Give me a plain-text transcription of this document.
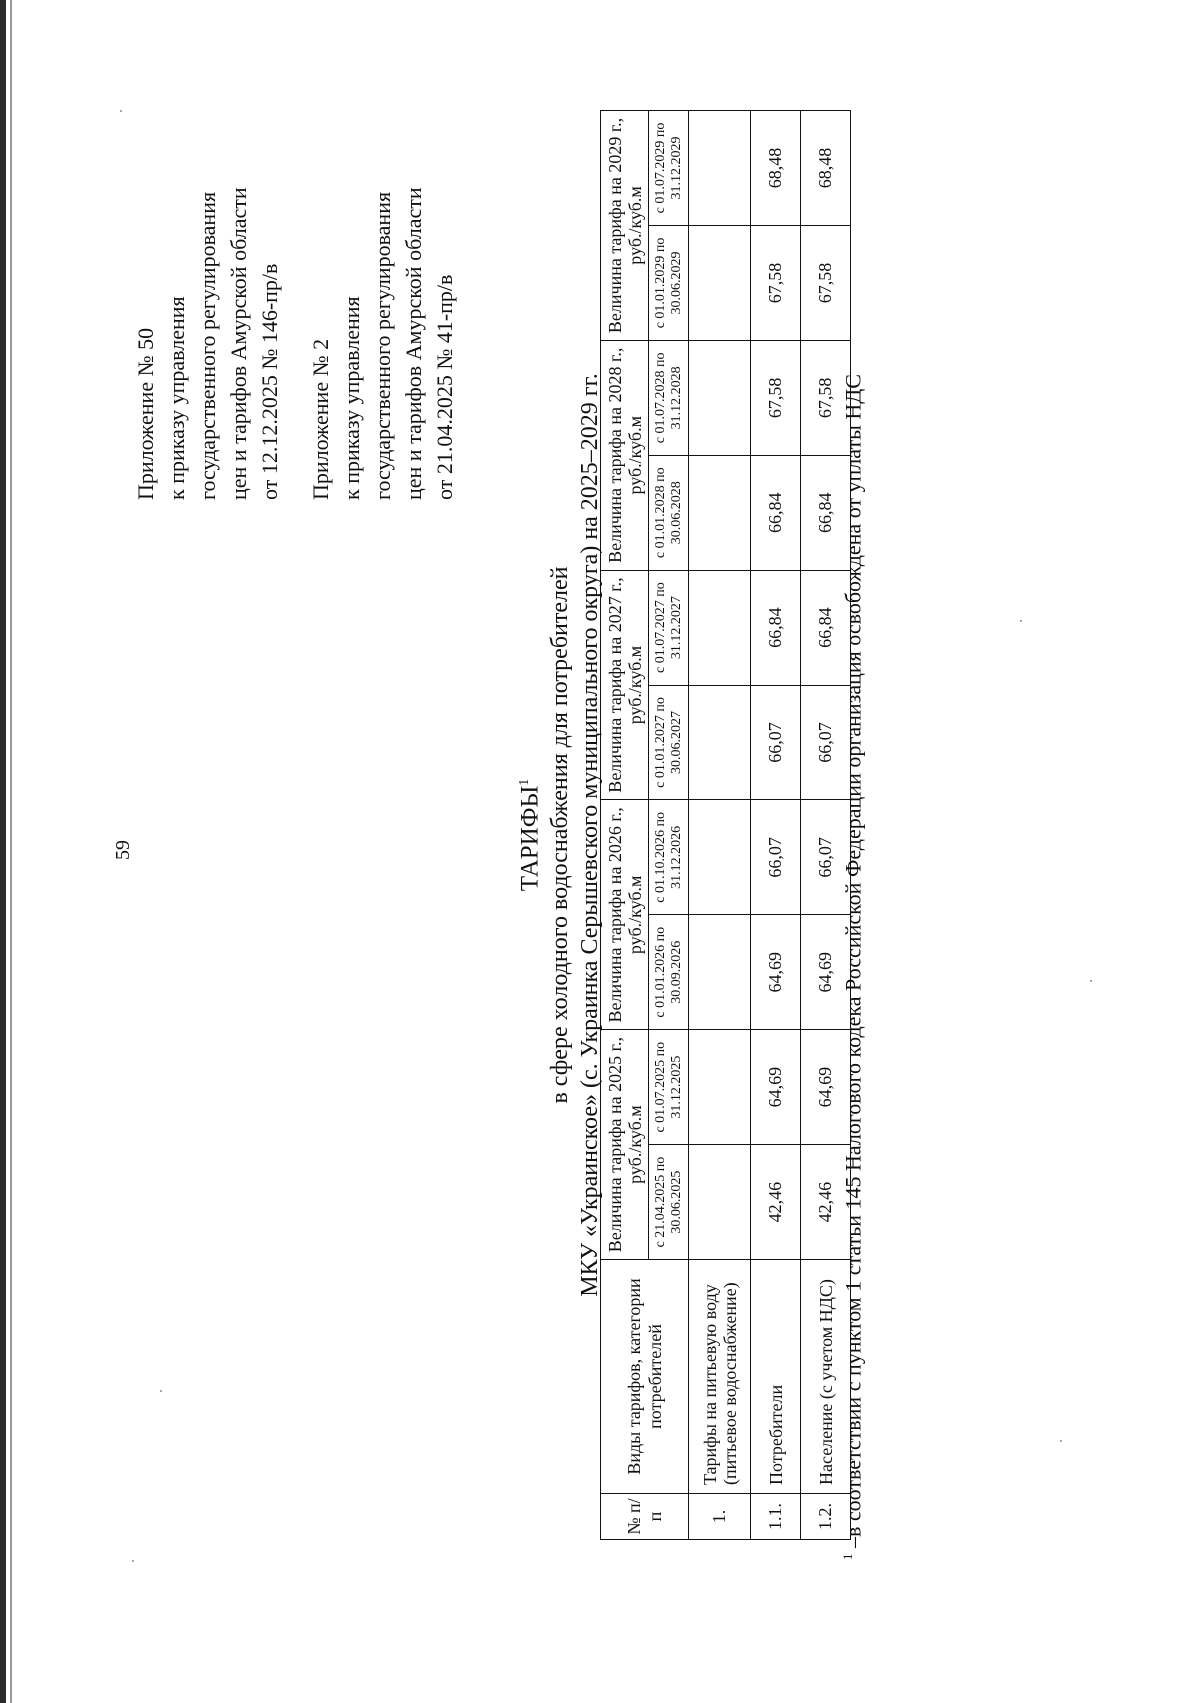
59
Приложение № 50 к приказу управления государственного регулирования цен и тарифов Амурской области от 12.12.2025 № 146-пр/в Приложение № 2 к приказу управления государственного регулирования цен и тарифов Амурской области от 21.04.2025 № 41-пр/в
ТАРИФЫ$^1$ в сфере холодного водоснабжения для потребителей МКУ «Украинское» (с. Украинка Серышевского муниципального округа) на 2025–2029 гг.
№ п/п	Виды тарифов, категории потребителей	Величина тарифа на 2025 г., руб./куб.м		Величина тарифа на 2026 г., руб./куб.м		Величина тарифа на 2027 г., руб./куб.м		Величина тарифа на 2028 г., руб./куб.м		Величина тарифа на 2029 г., руб./куб.м	
		с 21.04.2025 по 30.06.2025	с 01.07.2025 по 31.12.2025	с 01.01.2026 по 30.09.2026	с 01.10.2026 по 31.12.2026	с 01.01.2027 по 30.06.2027	с 01.07.2027 по 31.12.2027	с 01.01.2028 по 30.06.2028	с 01.07.2028 по 31.12.2028	с 01.01.2029 по 30.06.2029	с 01.07.2029 по 31.12.2029
1.	Тарифы на питьевую воду (питьевое водоснабжение)										
1.1.	Потребители	42,46	64,69	64,69	66,07	66,07	66,84	66,84	67,58	67,58	68,48
1.2.	Население (с учетом НДС)	42,46	64,69	64,69	66,07	66,07	66,84	66,84	67,58	67,58	68,48
$^1$ –в соответствии с пунктом 1 статьи 145 Налогового кодека Российской Федерации организация освобождена от уплаты НДС
